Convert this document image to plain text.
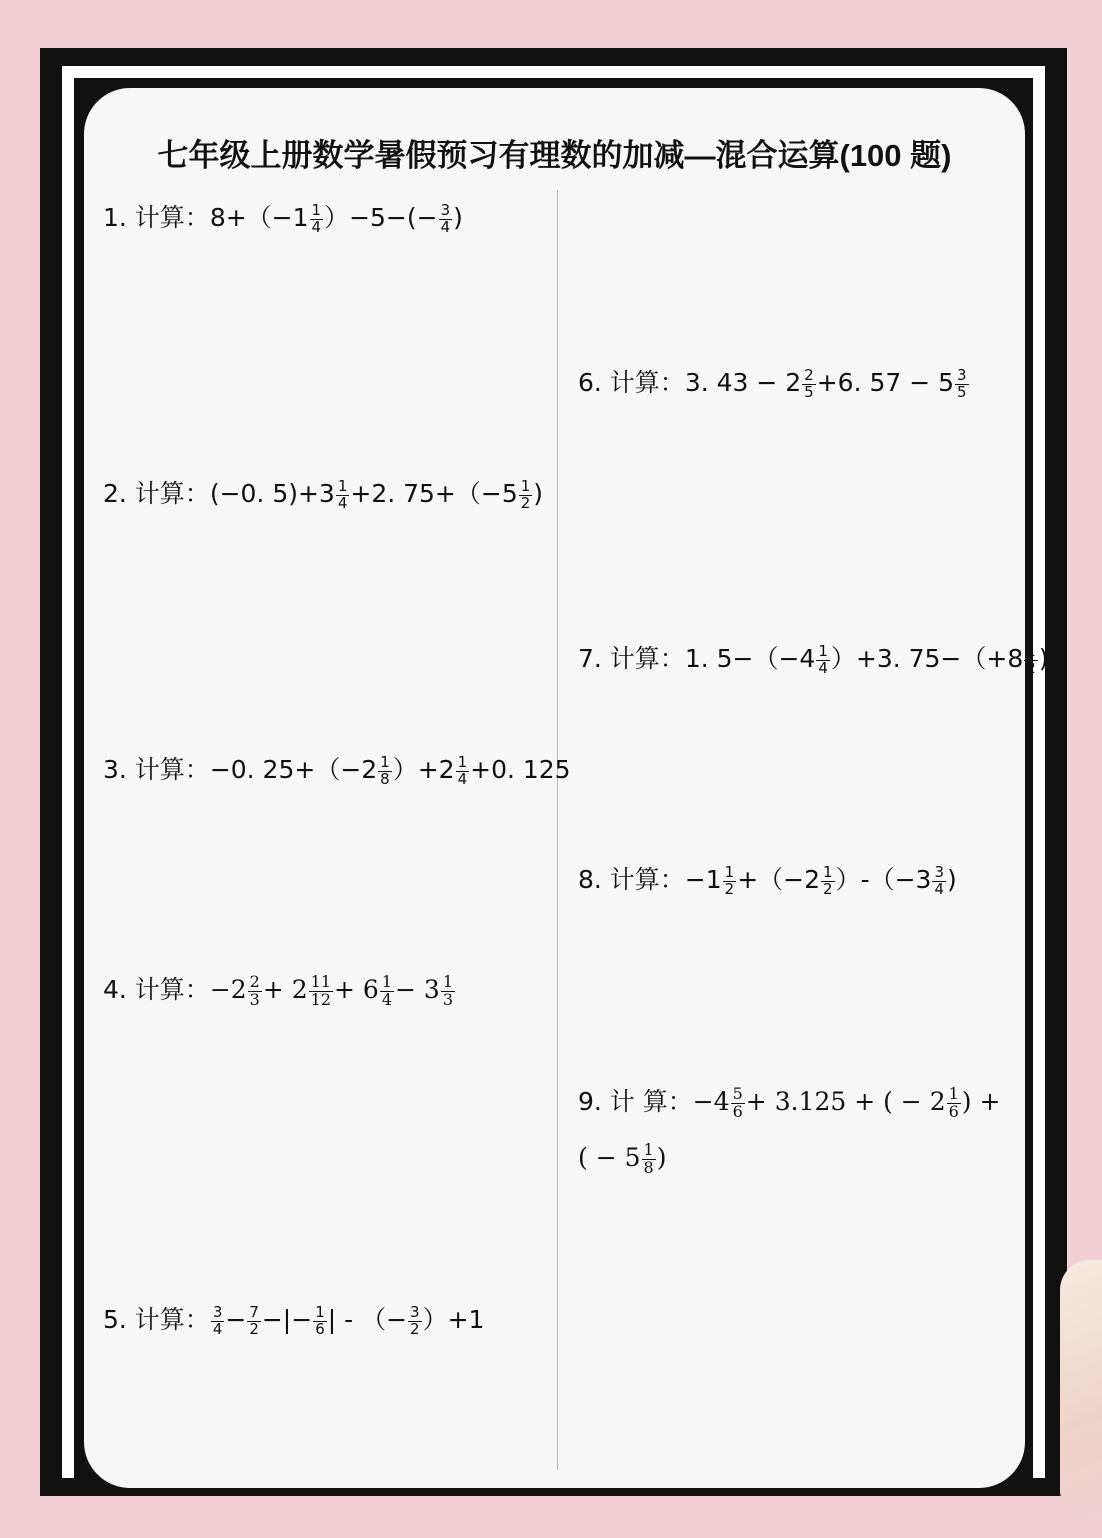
七年级上册数学暑假预习有理数的加减—混合运算(100 题)
1. 计算：$8+(-1 \frac{1}{4} )-5-(- \frac{3}{4}$ )
2. 计算：(−0. $5)+3 \frac{1}{4} +2$. $75+(-5 \frac{1}{2}$ )
3. 计算：−0. $25+(-2 \frac{1}{8} )+2 \frac{1}{4} +0$. 125
4. 计算：$-2 \frac{2}{3} + 2 \frac{11}{12} + 6 \frac{1}{4} - 3 \frac{1}{3}$
5. 计算： $\frac{3}{4} - \frac{7}{2}$ −|− $\frac{1}{6}$ | - （− $\frac{3}{2} )+1$
6. 计算：3. $43 - 2 \frac{2}{5} +6$. $57 - 5 \frac{3}{5}$
7. 计算：1. $5-(-4 \frac{1}{4} )+3$. $75-(+8 \frac{1}{2}$ )
8. 计算：$-1 \frac{1}{2} +(-2 \frac{1}{2} )-(-3 \frac{3}{4}$ )
9. 计 算：$-4 \frac{5}{6} + 3.125$ + ( − $2 \frac{1}{6}$ ) +
( − $5 \frac{1}{8}$ )
